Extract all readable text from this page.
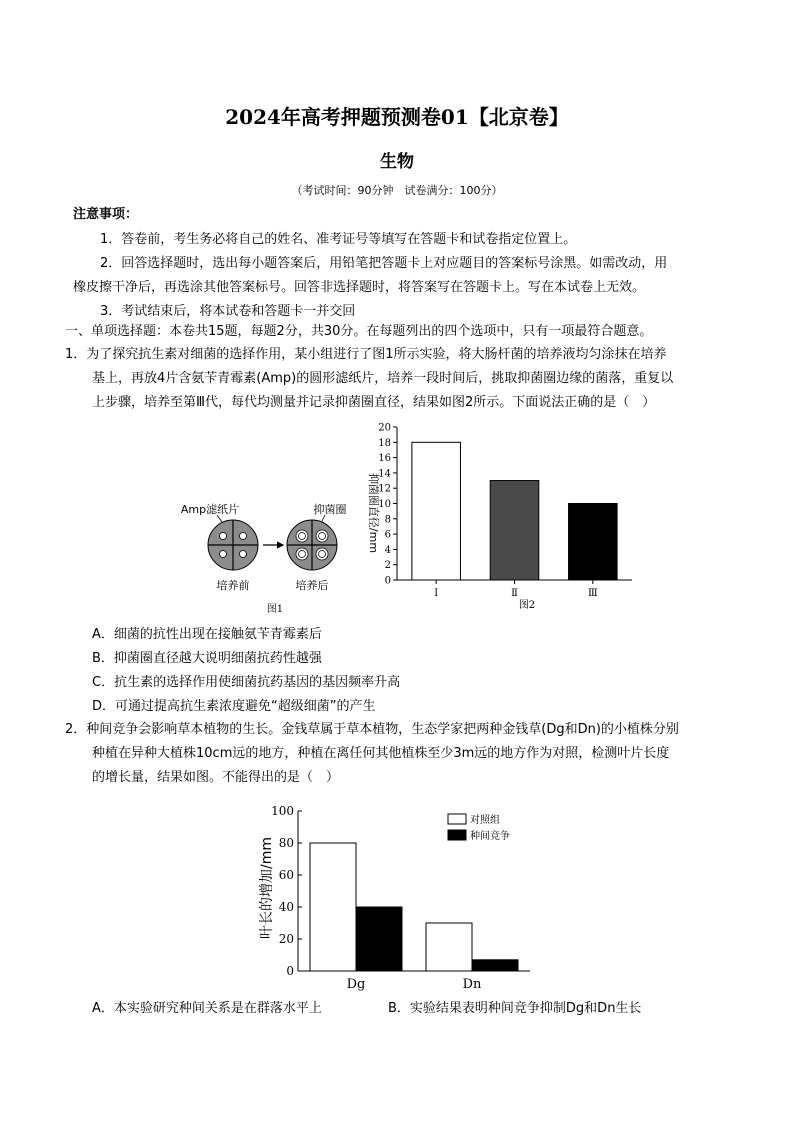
2024年高考押题预测卷01【北京卷】
生物
（考试时间：90分钟　试卷满分：100分）
注意事项：
1．答卷前，考生务必将自己的姓名、准考证号等填写在答题卡和试卷指定位置上。
2．回答选择题时，选出每小题答案后，用铅笔把答题卡上对应题目的答案标号涂黑。如需改动，用
橡皮擦干净后，再选涂其他答案标号。回答非选择题时，将答案写在答题卡上。写在本试卷上无效。
3．考试结束后，将本试卷和答题卡一并交回
一、单项选择题：本卷共15题，每题2分，共30分。在每题列出的四个选项中，只有一项最符合题意。
1．为了探究抗生素对细菌的选择作用，某小组进行了图1所示实验，将大肠杆菌的培养液均匀涂抹在培养
基上，再放4片含氨苄青霉素(Amp)的圆形滤纸片，培养一段时间后，挑取抑菌圈边缘的菌落，重复以
上步骤，培养至第Ⅲ代，每代均测量并记录抑菌圈直径，结果如图2所示。下面说法正确的是（　）
Amp滤纸片	抑菌圈
培养前	培养后
图1
0
2
4
6
8
10
12
14
16
18
20
Ⅰ	Ⅱ	Ⅲ
抑菌圈直径/mm
图2
A．细菌的抗性出现在接触氨苄青霉素后
B．抑菌圈直径越大说明细菌抗药性越强
C．抗生素的选择作用使细菌抗药基因的基因频率升高
D．可通过提高抗生素浓度避免“超级细菌”的产生
2．种间竞争会影响草本植物的生长。金钱草属于草本植物，生态学家把两种金钱草(Dg和Dn)的小植株分别
种植在异种大植株10cm远的地方，种植在离任何其他植株至少3m远的地方作为对照，检测叶片长度
的增长量，结果如图。不能得出的是（　）
0
20
40
60
80
100
Dg	Dn
对照组
种间竞争
叶长的增加/mm
A．本实验研究种间关系是在群落水平上	B．实验结果表明种间竞争抑制Dg和Dn生长
